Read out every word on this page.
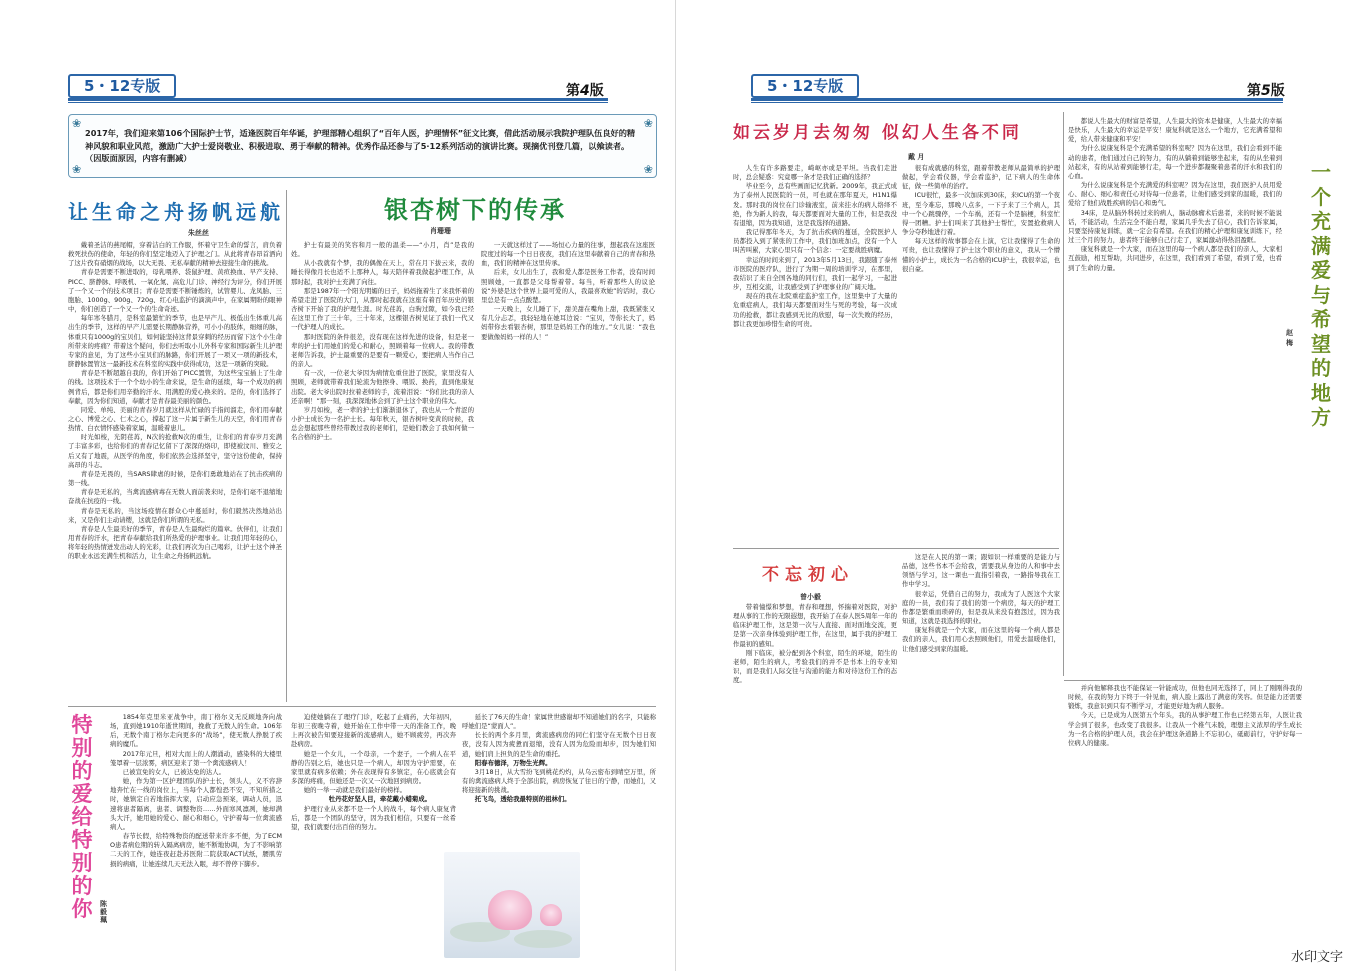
5・12专版	第4版
❀	❀
❀	❀
2017年，我们迎来第106个国际护士节，适逢医院百年华诞，护理部精心组织了“百年人医，护理情怀”征文比赛，借此活动展示我院护理队伍良好的精神风貌和职业风范，激励广大护士爱岗敬业、积极进取、勇于奉献的精神。优秀作品还参与了5·12系列活动的演讲比赛。现摘优刊登几篇，以飨读者。（因版面原因，内容有删减）
让生命之舟扬帆远航
朱丝丝

戴着圣洁的燕尾帽，穿着洁白的工作服，怀着守卫生命的誓言，肩负着救死扶伤的使命，年轻的你们坚定地迈入了护理之门。从此将青春昂首洒向了这片孜有硝烟的战场，以大无畏、无私奉献的精神去迎接生命的挑战。

青春是需要不断进取的，母乳喂养、袋鼠护理、黄疸换血、早产支持、PICC、脐静脉、呼吸机、一氧化氮、高危儿门诊、神经行为评分，你们开展了一个又一个的技术项目；青春是需要不断锤炼的，试管婴儿、龙凤胎、三胞胎、1000g、900g、720g、红心电监护的滴滴声中，在家属期盼的眼神中，你们创造了一个又一个的生命奇迹。

每年寒冬腊月，是科室最繁忙的季节，也是早产儿、极低出生体重儿高出生的季节，这样的早产儿需要长期静脉营养，可小小的肢体，细细的脉，体重只有1000g的宝贝们，如何能坚持这背景穿刺的经历而留下这个小生命所带来的疼痛？带着这个疑问，你们去听取小儿外科专家和国际新生儿护理专家的意见，为了这些小宝贝们的脉路，你们开展了一项又一项的新技术，脐静脉置管这一最新技术在科室的实践中获得成功，这是一项新的突破。

青春是不断超越自我的，你们开始了PICC置管，为这些宝宝插上了生命的线。这项技术于一个个幼小的生命来说，是生命的延续，每一个成功的病例背后，都是你们用辛勤的汗水、用满腔的爱心换来的。是的，你们选择了奉献，因为你们知道，奉献才是青春最美丽的颜色。

同爱、单纯、美丽的青春岁月就这样从忙碌的手指间溜走，你们用奉献之心、博爱之心、仁术之心，撑起了这一片属于新生儿的天空，你们用青春热情、白衣情怀感染着家属，温暖着患儿。

时光如梭，光阴荏苒，N次的抢救N次的重生，让你们的青春岁月充满了丰富多彩，也给你们的青春记忆留下了深深的烙印，即使被汶川、雅安之后又有了地震，从医学的角度，你们依然会选择坚守，坚守这份使命，保持高昂的斗志。

青春是无畏的，当SARS肆虐的时候，是你们勇敢地站在了抗击疾病的第一线。

青春是无私的，当禽流感病毒在无数人面前袭来时，是你们毫不退缩地奋战在抗疫的一线。

青春是无私的，当这场疫情在群众心中蔓延时，你们毅然决然地站出来，又是你们主动请缨，这就是你们所谓的无私。

青春是人生最美好的季节，青春是人生最绚烂的篇章。伙伴们，让我们用青春的汗水，把青春奉献给我们所热爱的护理事业。让我们用年轻的心，将年轻的热情迸发出动人的光彩，让我们再次为自己喝彩，让护士这个神圣的职业永远充满生机和活力，让生命之舟扬帆远航。

银杏树下的传承
肖珊珊

护士有最美的笑容和月一般的温柔——“小月，肖”是我的姓。

从小我就有个梦，我的偶像在天上，常在月下拔云来，我的睡长得像月长也适不上那种人，每天陪伴着我做起护理工作，从那时起，我对护士充满了向往。

那是1987年一个阳光明媚的日子，妈妈拖着生了来我怀着的希望走进了医院的大门，从那时起我就在这座有着百年历史的银杏树下开始了我的护理生涯。时光荏苒，白驹过隙，如今我已经在这里工作了三十年，三十年来，这棵银杏树见证了我们一代又一代护理人的成长。

那时医院的条件很差，没有现在这样先进的设备，但是老一辈的护士们用她们的爱心和耐心，照顾着每一位病人。我的带教老师告诉我，护士最重要的是要有一颗爱心，要把病人当作自己的亲人。

有一次，一位老大爷因为病情危重住进了医院，家里没有人照顾，老师就带着我们轮流为他擦身、喂饭、换药，直到他康复出院。老大爷出院时拉着老师的手，流着泪说：“你们比我的亲人还亲啊！”那一刻，我深深地体会到了护士这个职业的伟大。

岁月如梭，老一辈的护士们渐渐退休了，我也从一个青涩的小护士成长为一名护士长。每年秋天，银杏树叶变黄的时候，我总会想起那些曾经带教过我的老师们，是她们教会了我如何做一名合格的护士。

一天就这样过了——场恒心力量的往事，想起我在这座医院度过的每一个日日夜夜，我们在这里奉献着自己的青春和热血，我们的精神在这里传承。

后来，女儿出生了，我和爱人都是医务工作者，没有时间照顾她，一直都是父母帮着带。每当，听着那些人的议论说“外婆是这个世界上最可爱的人，我最喜欢她”的话时，我心里总是有一点点酸楚。

一天晚上，女儿睡了下，甜美甜在嘴角上甜，我既紧张又有几分忐忑，我轻轻地在她耳边说：“宝贝，等你长大了，妈妈带你去看银杏树，那里是妈妈工作的地方。”女儿说：“我也要做像妈妈一样的人！”

特别的爱给特别的你	陈毅珮

1854年克里米亚战争中，南丁格尔义无反顾地奔向战场，直到她1910年逝世期间，挽救了无数人的生命。106年后，无数个南丁格尔走向更多的“战场”，使无数人挣脱了疾病的魔爪。

2017年元旦，相对大而上的人潮涌动，感染科的大楼里笼罩着一层浓雾，病区迎来了第一个禽流感病人！

已被宣免的女人，已被达免的达人。

她，作为第一区护理团队的护士长，领头人，义不容辞地奔忙在一线的岗位上，当每个人都惶恐不安，不知所措之时，她镇定自若地指挥大家，启动应急预案，调动人员，迅速将患者隔离，患者、调整物资……外面寒风凛冽，她却满头大汗，她用她的爱心、耐心和细心，守护着每一位禽流感病人。

春节长假，给特殊物资的配送带来许多不便，为了ECMO患者病危期的转入隔离病房，她不断地协调，为了不影响第二天的工作，她连夜赶赴苏医附二院获取ACT试纸，腰肌劳损的病痛，让她连续几天无法入眠，却不曾停下脚步。

迫使她躺在了理疗门诊，吃起了止痛药，大年初四，年初三夜晚寺着，她开始在工作中带一天的准备工作，晚上再次被告知要迎接新的流感病人，她不顾疲劳，再次奔赴病房。

她是一个女儿，一个母亲，一个妻子，一个病人在平静的告别之后，她也只是一个病人，却因为守护需要，在家里就有病多依赖；外在表现得有多镇定，在心底就会有多深的疼痛，但她还是一次又一次地回到病房。

她的一举一动就是我们最好的榜样。

牡丹花好坚人目，牵花戴小蜡菊成。

护理行业从来都不是一个人的战斗，每个病人康复背后，都是一个团队的坚守，因为我们相信，只要有一丝希望，我们就要付出百倍的努力。

延长了76天的生命！家属世世感谢却不知道她们的名字，只能称呼她们是“蒙面人”。

长长的两个多月里，禽流感病房的同仁们坚守在无数个日日夜夜，没有人因为疲惫而退缩，没有人因为危险而却步，因为她们知道，她们肩上担负的是生命的重托。

阳春布德泽，万物生光辉。

3月18日，从大雪纷飞到桃花灼灼，从乌云密布到晴空万里，所有的禽流感病人终于全部出院，病房恢复了往日的宁静，而她们，又将迎接新的挑战。

托飞鸟，透给我最特别的祖林们。

5・12专版	第5版
如云岁月去匆匆 似幻人生各不同
戴 月

人生有许多路要走，崎岖亦或是平坦。当我们走进时，总会疑惑：究竟哪一条才是我们正确的选择？

毕业至今，总有些画面记忆犹新。2009年，我正式成为了泰州人民医院的一员，可也就在那年夏天，H1N1爆发。那时我的岗位在门诊输液室，前来挂水的病人络绎不绝，作为新人的我，每天都要面对大量的工作，但是我没有退缩，因为我知道，这是我选择的道路。

我记得那年冬天，为了抗击疾病的蔓延，全院医护人员都投入到了紧张的工作中，我们加班加点，没有一个人叫苦叫累，大家心里只有一个信念：一定要战胜病魔。

幸运的时间来到了，2013年5月13日，我跟随了泰州市医院的医疗队，进行了为期一周的培训学习，在那里，我结识了来自全国各地的同行们，我们一起学习，一起进步，互相交流，让我感受到了护理事业的广阔天地。

现在的我在北院重症监护室工作，这里集中了大量的危重症病人，我们每天都要面对生与死的考验，每一次成功的抢救，都让我感到无比的欣慰，每一次失败的经历，都让我更加珍惜生命的可贵。

很有成就感的科室，跟着带教老师从最简单的护理做起，学会看仪器，学会看监护，记下病人的生命体征，做一些简单的治疗。

ICU很忙，最多一次加床到30床，来ICU的第一个夜班，至今难忘，那晚八点多，一下子来了三个病人，其中一个心跳骤停，一个车祸，还有一个是脑梗，科室忙得一团糟。护士们叫来了其他护士帮忙，安置抢救病人争分夺秒地进行着。

每天这样的故事都会在上演，它让我懂得了生命的可贵，也让我懂得了护士这个职业的意义，我从一个懵懂的小护士，成长为一名合格的ICU护士，我很幸运，也很自豪。

都说人生最大的财富是希望，人生最大的资本是健康，人生最大的幸福是快乐，人生最大的幸运是平安！康复科就是这么一个地方，它充满希望和爱，给人带来健康和平安！

为什么说康复科是个充满希望的科室呢？因为在这里，我们会看到不能动的患者，他们通过自己的努力，有的从躺着到能够坐起来，有的从坐着到站起来，有的从站着到能够行走，每一个进步都凝聚着患者的汗水和我们的心血。

为什么说康复科是个充满爱的科室呢？因为在这里，我们医护人员用爱心、耐心、细心和责任心对待每一位患者，让他们感受到家的温暖，我们的爱给了他们战胜疾病的信心和勇气。

34床，是从脑外科转过来的病人，脑动脉瘤术后患者，来的时候不能说话，不能活动，生活完全不能自理，家属几乎失去了信心，我们告诉家属，只要坚持康复训练，就一定会有希望。在我们的精心护理和康复训练下，经过三个月的努力，患者终于能够自己行走了，家属激动得热泪盈眶。

康复科就是一个大家，而在这里的每一个病人都是我们的亲人，大家相互鼓励，相互帮助，共同进步，在这里，我们看到了希望，看到了爱，也看到了生命的力量。

一个充满爱与希望的地方
赵 梅
不忘初心
曾小毅

带着憧憬和梦想，青春和理想，怀揣着对医院，对护理从事的工作的无限遐想，我开始了在泰人医5周年一年的临床护理工作，这是第一次与人直接、面对面地交流，更是第一次亲身体验到护理工作，在这里，属于我的护理工作最初的感知。

刚下临床，被分配到各个科室，陌生的环境，陌生的老师，陌生的病人，考验我们的并不是书本上的专业知识，而是我们人际交往与沟通的能力和对待这份工作的态度。

这是在人民的第一课；跟如识一样重要的是能力与品德，这些书本不会给我，需要我从身边的人和事中去领悟与学习，这一课也一直指引着我，一路指导我在工作中学习。

很幸运，凭借自己的努力，我成为了人医这个大家庭的一员，我们有了我们的第一个病房，每天的护理工作都是繁重而琐碎的，但是我从来没有抱怨过，因为我知道，这就是我选择的职业。

康复科就是一个大家，而在这里的每一个病人都是我们的亲人，我们用心去照顾他们，用爱去温暖他们，让他们感受到家的温暖。

并向他解释我也不能保证一针能成功，但他也同无选择了，同上了刚刚得我的时候，在我的努力下终于一针见血，病人脸上露出了满意的笑容。但是能力还需要锻炼，我意识到只有不断学习，才能更好地为病人服务。

今天，已是成为人医第五个年头，我的从事护理工作也已经第五年，人医让我学会到了很多，也改变了我很多。让我从一个稚气未脱，理想主义浓厚的学生成长为一名合格的护理人员，我会在护理这条道路上不忘初心，砥砺前行，守护好每一位病人的健康。

水印文字
